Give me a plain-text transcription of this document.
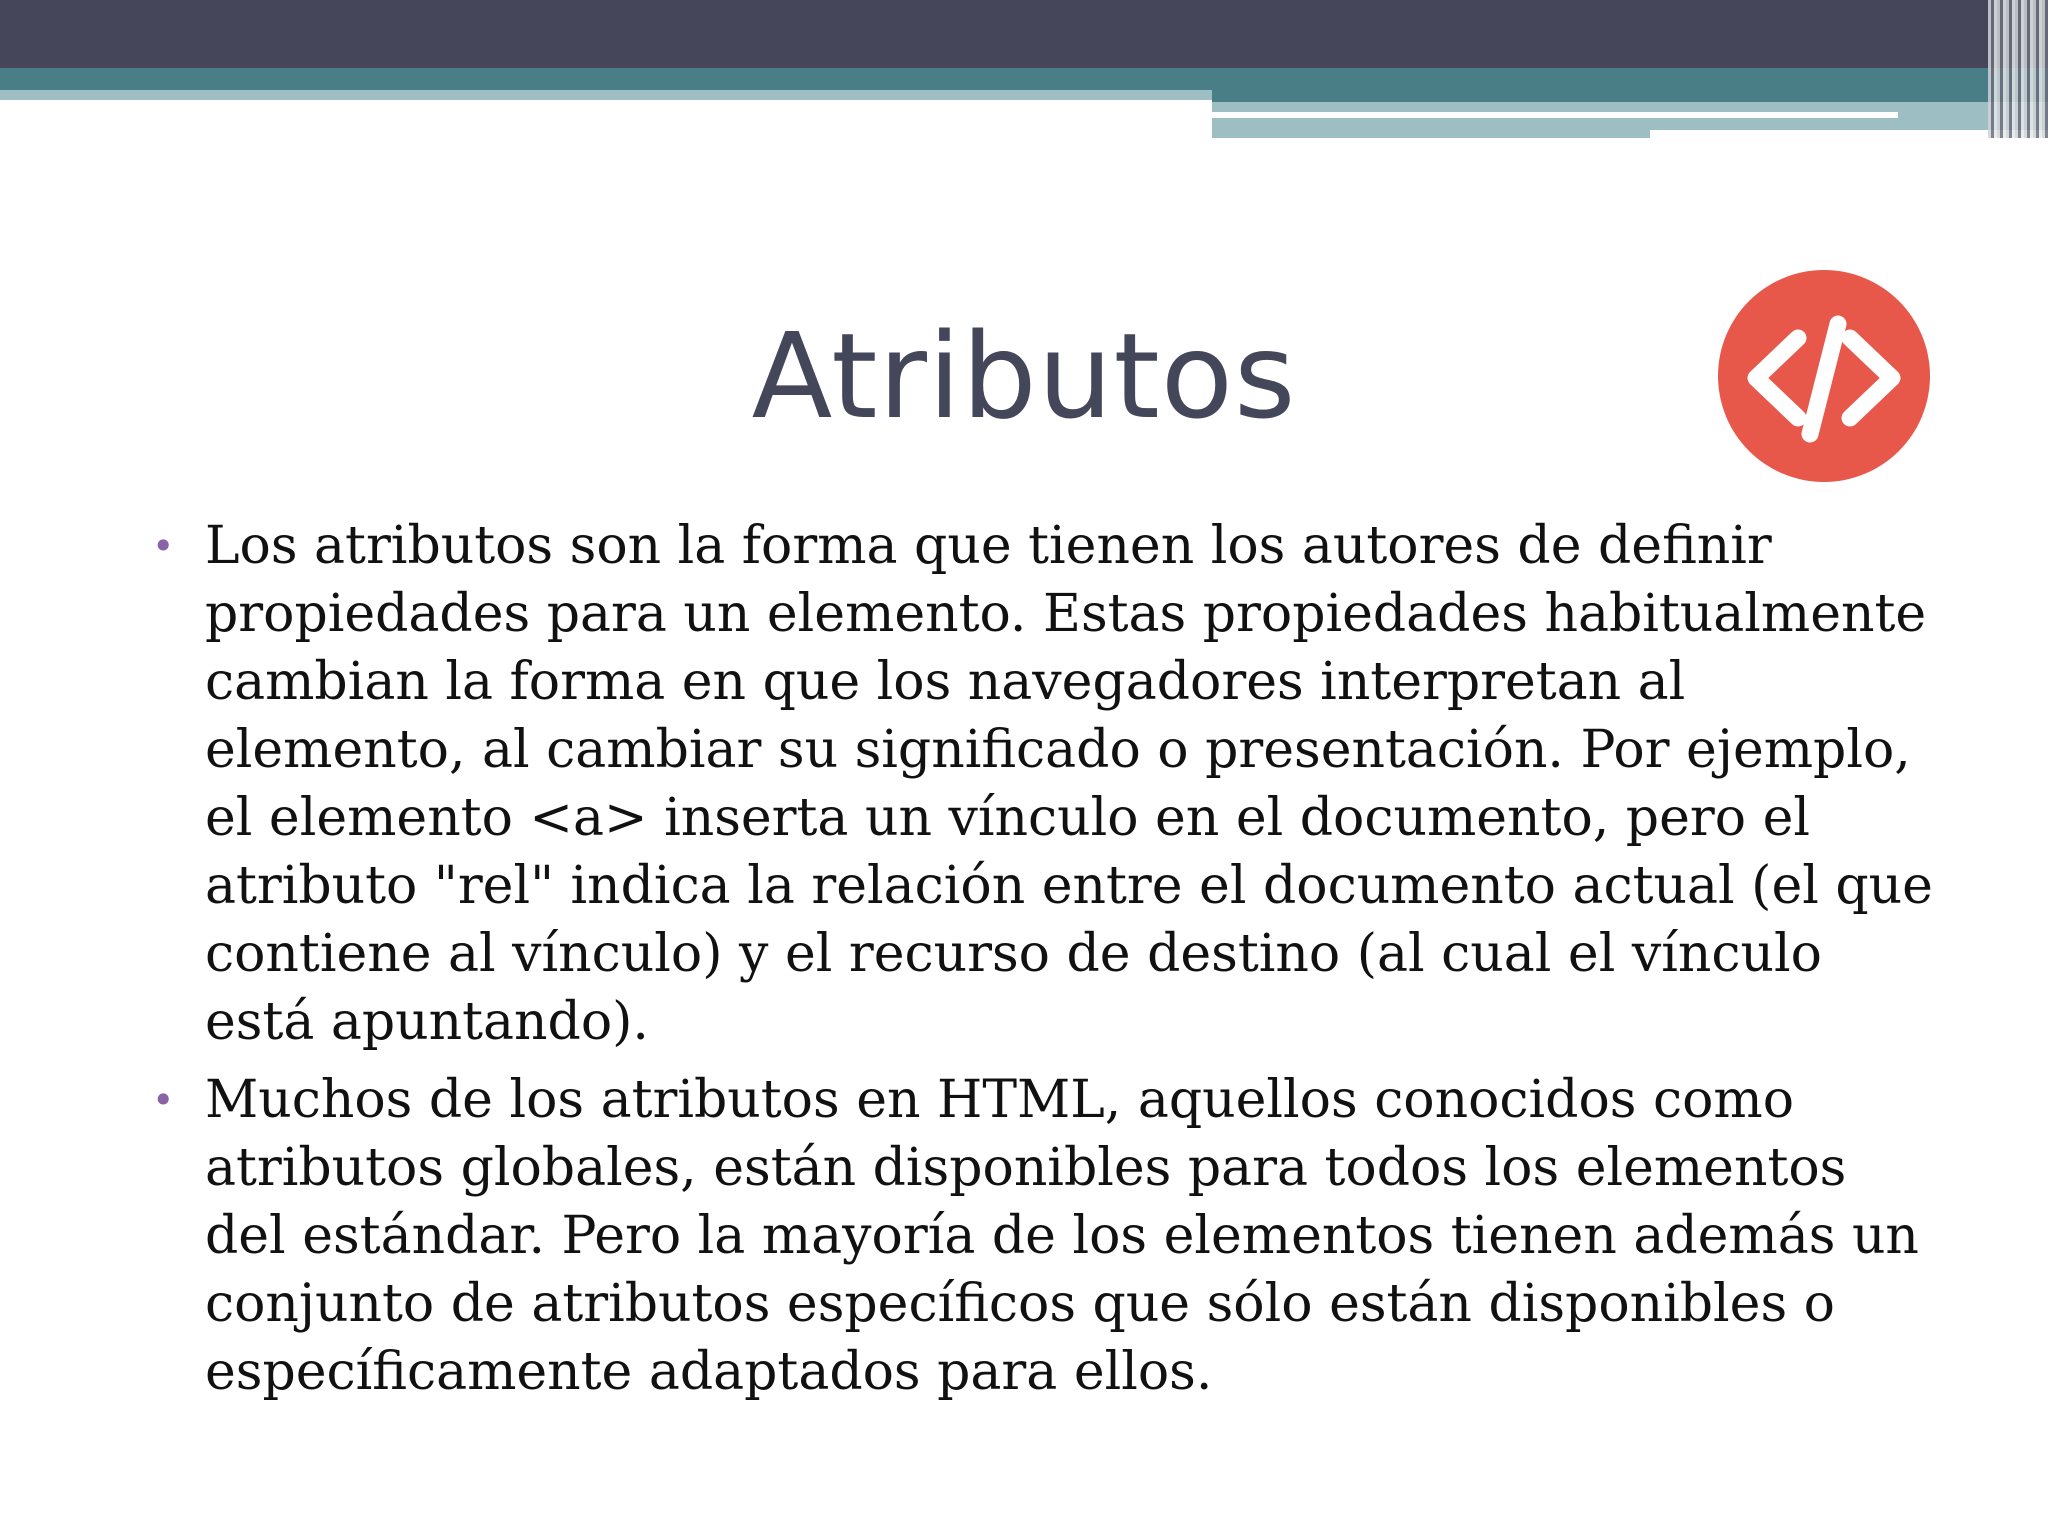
Atributos
• Los atributos son la forma que tienen los autores de definir propiedades para un elemento. Estas propiedades habitualmente cambian la forma en que los navegadores interpretan al elemento, al cambiar su significado o presentación. Por ejemplo, el elemento <a> inserta un vínculo en el documento, pero el atributo "rel" indica la relación entre el documento actual (el que contiene al vínculo) y el recurso de destino (al cual el vínculo está apuntando).
• Muchos de los atributos en HTML, aquellos conocidos como atributos globales, están disponibles para todos los elementos del estándar. Pero la mayoría de los elementos tienen además un conjunto de atributos específicos que sólo están disponibles o específicamente adaptados para ellos.
